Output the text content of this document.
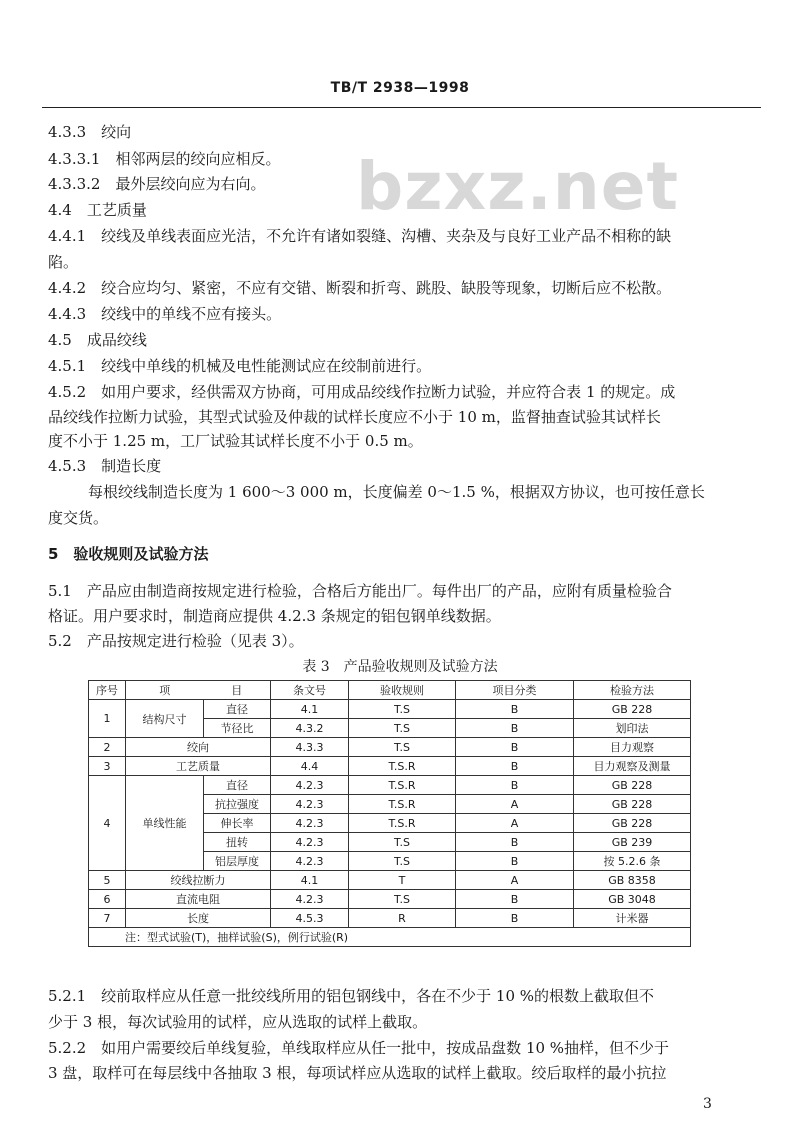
TB/T 2938—1998
bzxz.net
4.3.3　绞向
4.3.3.1　相邻两层的绞向应相反。
4.3.3.2　最外层绞向应为右向。
4.4　工艺质量
4.4.1　绞线及单线表面应光洁，不允许有诸如裂缝、沟槽、夹杂及与良好工业产品不相称的缺
陷。
4.4.2　绞合应均匀、紧密，不应有交错、断裂和折弯、跳股、缺股等现象，切断后应不松散。
4.4.3　绞线中的单线不应有接头。
4.5　成品绞线
4.5.1　绞线中单线的机械及电性能测试应在绞制前进行。
4.5.2　如用户要求，经供需双方协商，可用成品绞线作拉断力试验，并应符合表 1 的规定。成
品绞线作拉断力试验，其型式试验及仲裁的试样长度应不小于 10 m，监督抽查试验其试样长
度不小于 1.25 m，工厂试验其试样长度不小于 0.5 m。
4.5.3　制造长度
每根绞线制造长度为 1 600～3 000 m，长度偏差 0～1.5 %，根据双方协议，也可按任意长
度交货。
5　验收规则及试验方法
5.1　产品应由制造商按规定进行检验，合格后方能出厂。每件出厂的产品，应附有质量检验合
格证。用户要求时，制造商应提供 4.2.3 条规定的铝包钢单线数据。
5.2　产品按规定进行检验（见表 3）。
表 3　产品验收规则及试验方法
序号	项	目	条文号	验收规则	项目分类	检验方法
1	结构尺寸	直径	4.1	T.S	B	GB 228
		节径比	4.3.2	T.S	B	划印法
2	绞向		4.3.3	T.S	B	目力观察
3	工艺质量		4.4	T.S.R	B	目力观察及测量
4	单线性能	直径	4.2.3	T.S.R	B	GB 228
		抗拉强度	4.2.3	T.S.R	A	GB 228
		伸长率	4.2.3	T.S.R	A	GB 228
		扭转	4.2.3	T.S	B	GB 239
		铝层厚度	4.2.3	T.S	B	按 5.2.6 条
5	绞线拉断力		4.1	T	A	GB 8358
6	直流电阻		4.2.3	T.S	B	GB 3048
7	长度		4.5.3	R	B	计米器
注：型式试验(T)，抽样试验(S)，例行试验(R)						
5.2.1　绞前取样应从任意一批绞线所用的铝包钢线中，各在不少于 10 %的根数上截取但不
少于 3 根，每次试验用的试样，应从选取的试样上截取。
5.2.2　如用户需要绞后单线复验，单线取样应从任一批中，按成品盘数 10 %抽样，但不少于
3 盘，取样可在每层线中各抽取 3 根，每项试样应从选取的试样上截取。绞后取样的最小抗拉
3
